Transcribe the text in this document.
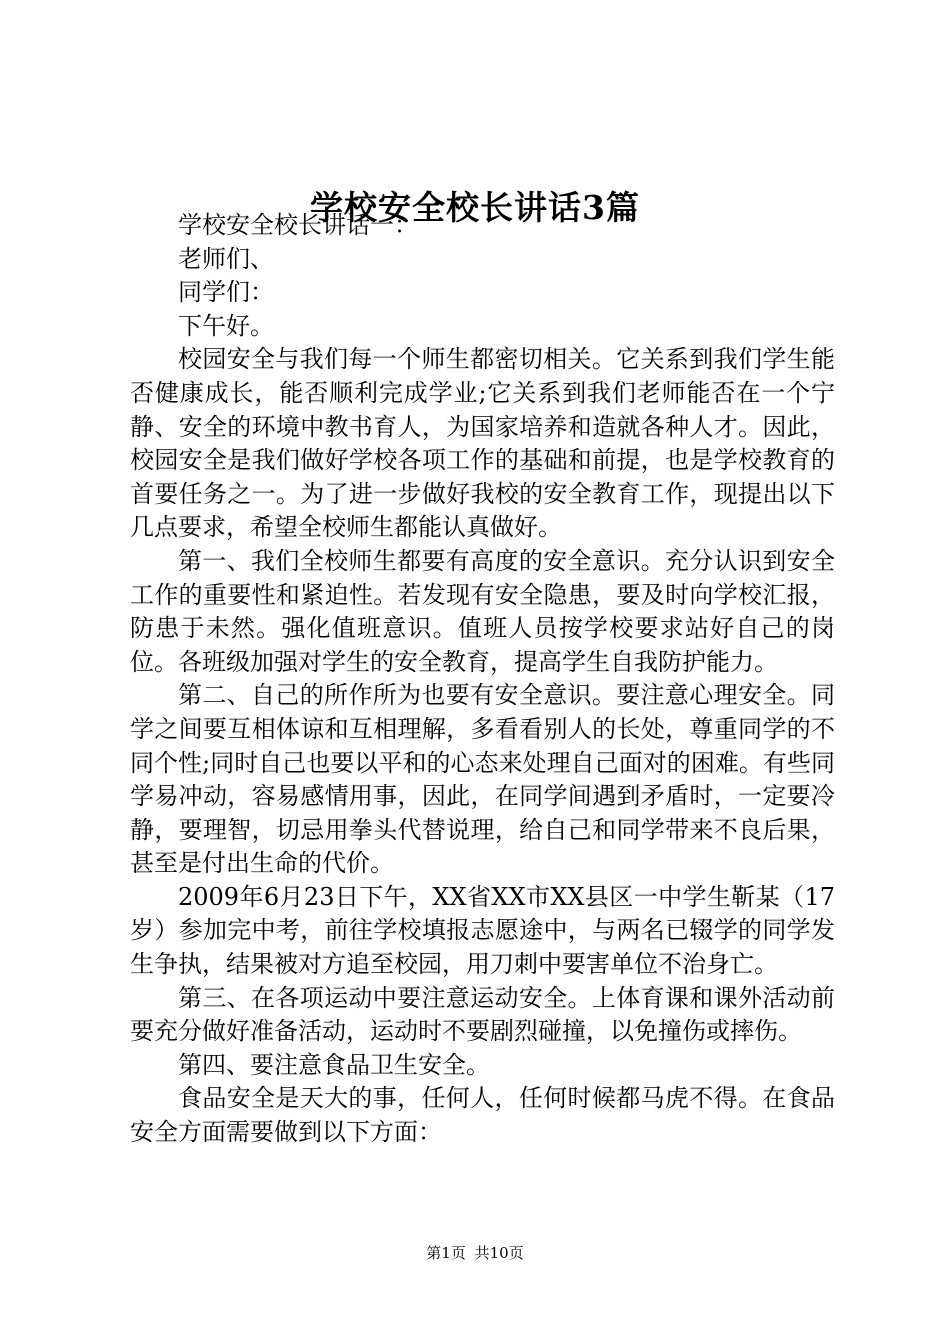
学校安全校长讲话3篇

学校安全校长讲话一：

老师们、

同学们：

下午好。

校园安全与我们每一个师生都密切相关。它关系到我们学生能否健康成长，能否顺利完成学业;它关系到我们老师能否在一个宁静、安全的环境中教书育人，为国家培养和造就各种人才。因此，校园安全是我们做好学校各项工作的基础和前提，也是学校教育的首要任务之一。为了进一步做好我校的安全教育工作，现提出以下几点要求，希望全校师生都能认真做好。

第一、我们全校师生都要有高度的安全意识。充分认识到安全工作的重要性和紧迫性。若发现有安全隐患，要及时向学校汇报，防患于未然。强化值班意识。值班人员按学校要求站好自己的岗位。各班级加强对学生的安全教育，提高学生自我防护能力。

第二、自己的所作所为也要有安全意识。要注意心理安全。同学之间要互相体谅和互相理解，多看看别人的长处，尊重同学的不同个性;同时自己也要以平和的心态来处理自己面对的困难。有些同学易冲动，容易感情用事，因此，在同学间遇到矛盾时，一定要冷静，要理智，切忌用拳头代替说理，给自己和同学带来不良后果，甚至是付出生命的代价。

2009年6月23日下午，XX省XX市XX县区一中学生靳某（17岁）参加完中考，前往学校填报志愿途中，与两名已辍学的同学发生争执，结果被对方追至校园，用刀刺中要害单位不治身亡。

第三、在各项运动中要注意运动安全。上体育课和课外活动前要充分做好准备活动，运动时不要剧烈碰撞，以免撞伤或摔伤。

第四、要注意食品卫生安全。

食品安全是天大的事，任何人，任何时候都马虎不得。在食品安全方面需要做到以下方面：

第1页 共10页
